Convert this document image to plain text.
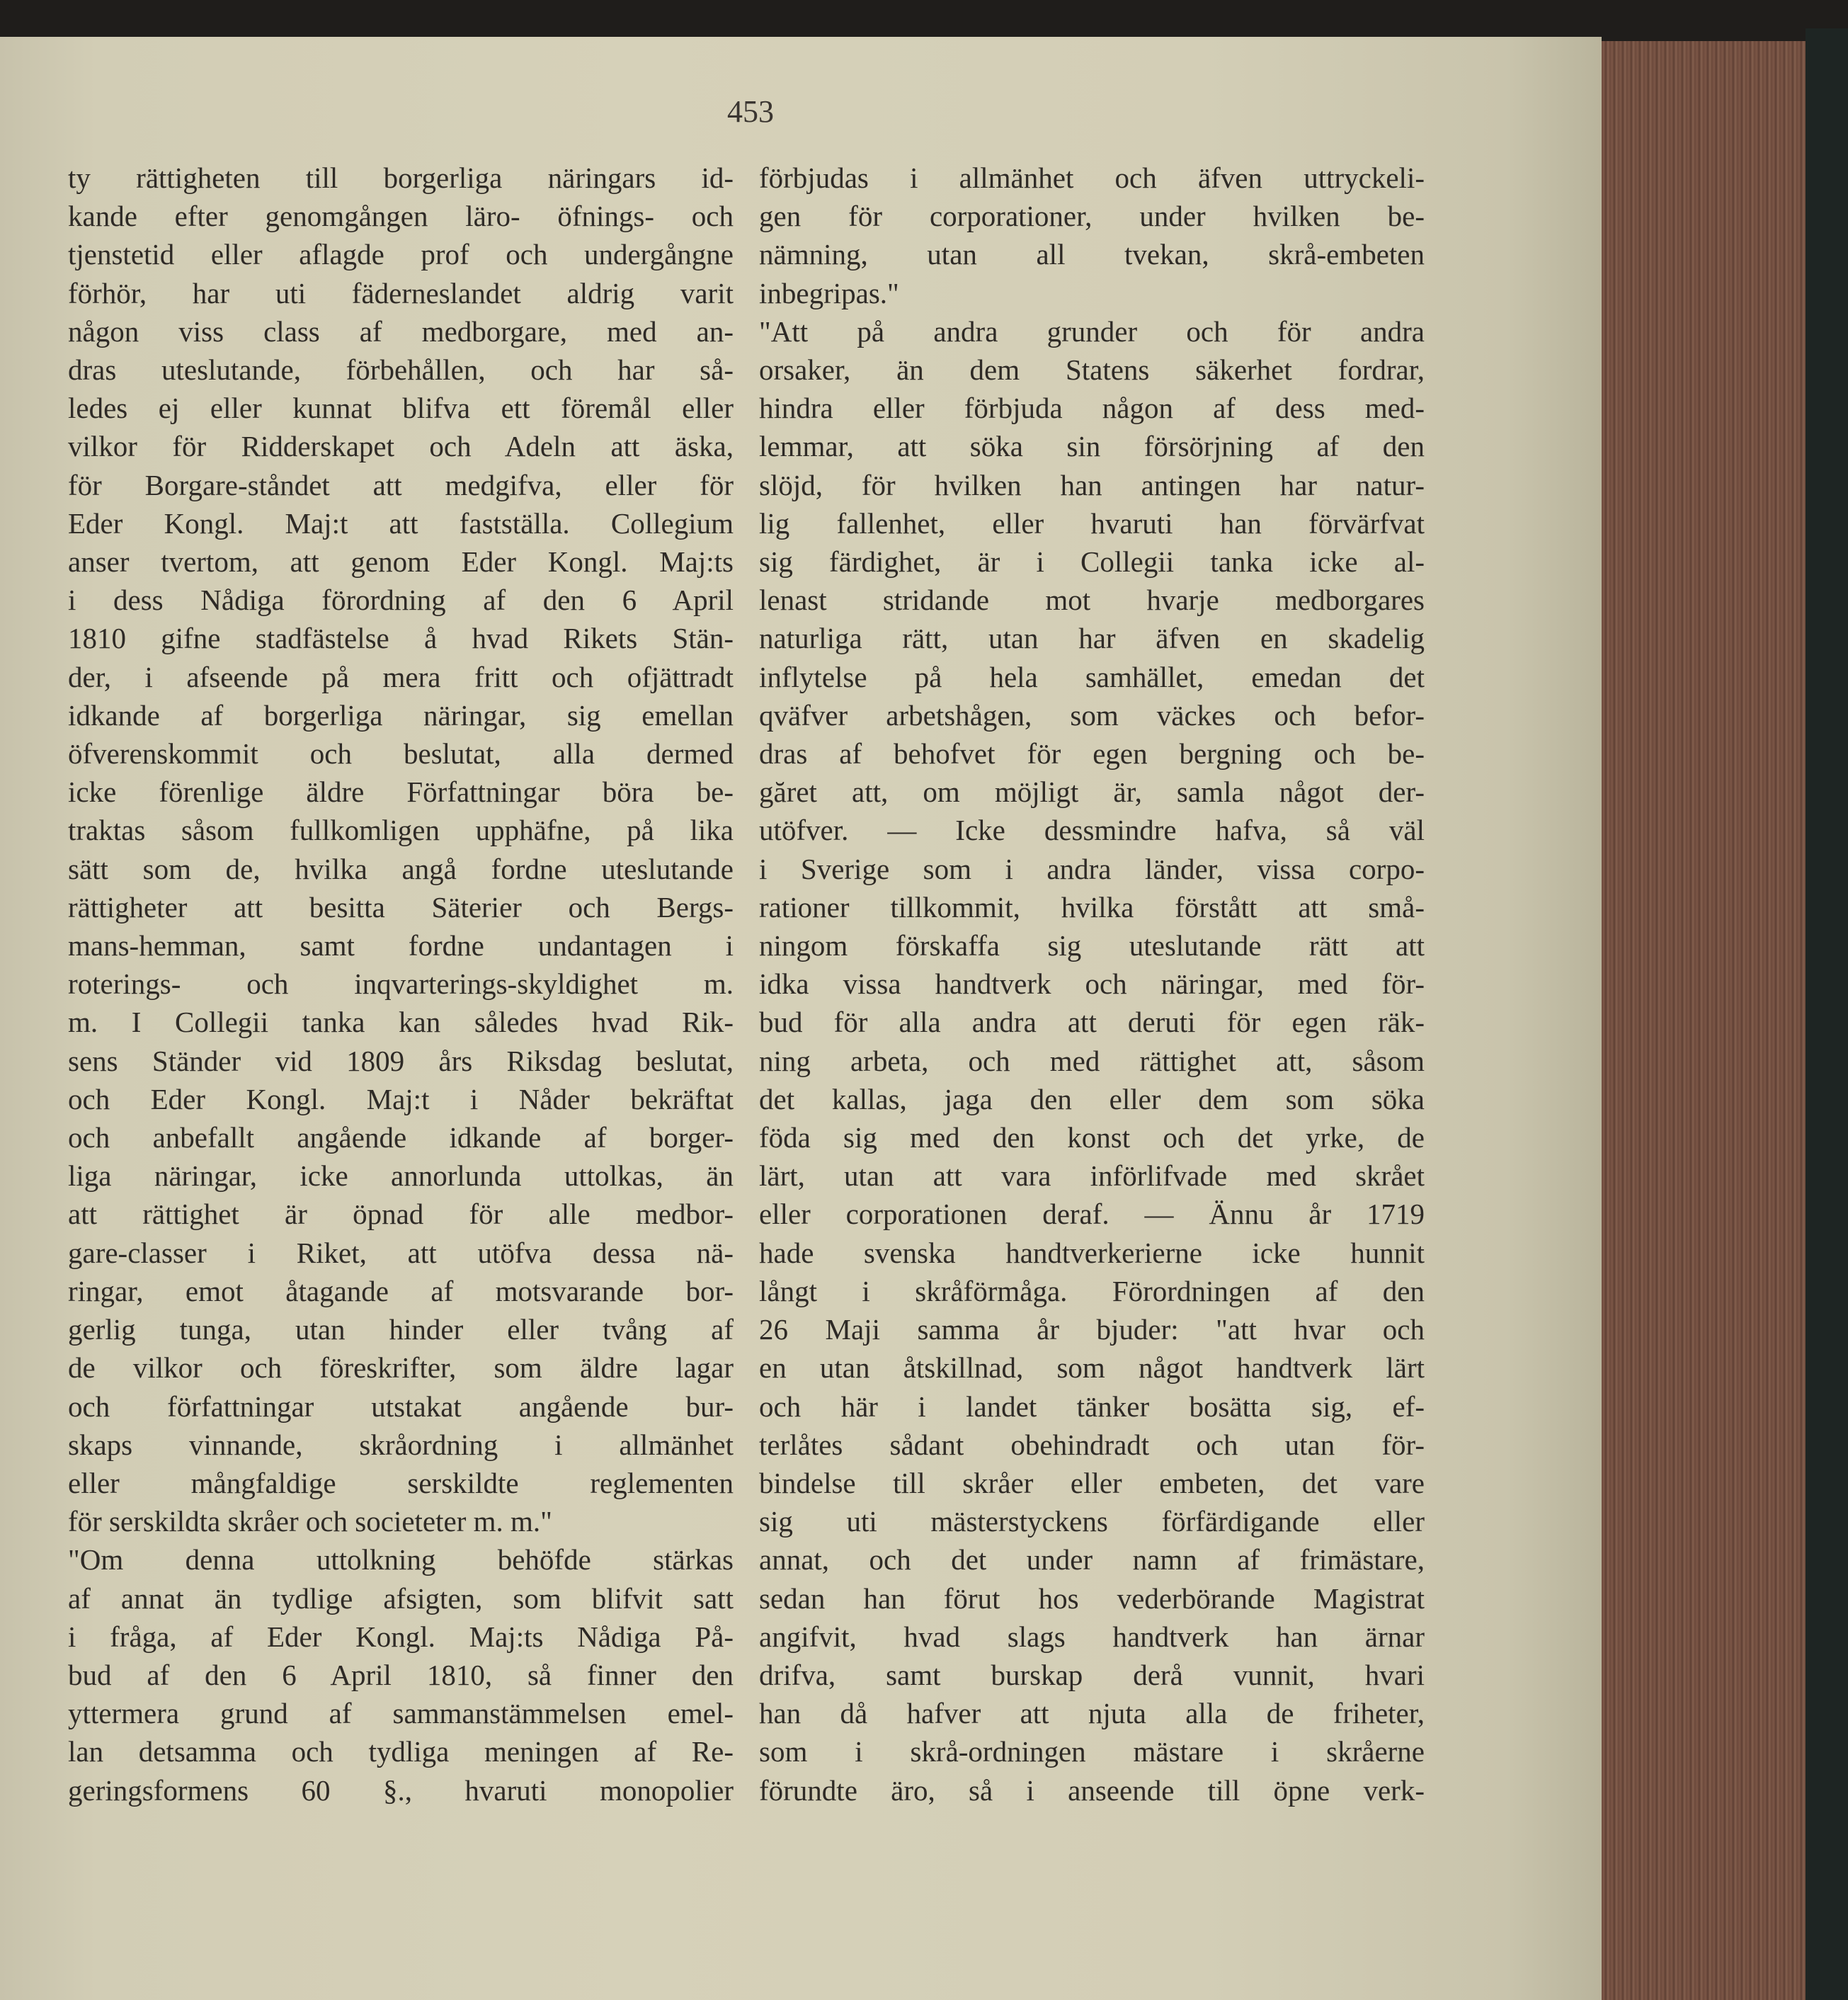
453
ty rättigheten till borgerliga näringars id-
kande efter genomgången läro- öfnings- och
tjenstetid eller aflagde prof och undergångne
förhör, har uti fäderneslandet aldrig varit
någon viss class af medborgare, med an-
dras uteslutande, förbehållen, och har så-
ledes ej eller kunnat blifva ett föremål eller
vilkor för Ridderskapet och Adeln att äska,
för Borgare-ståndet att medgifva, eller för
Eder Kongl. Maj:t att fastställa. Collegium
anser tvertom, att genom Eder Kongl. Maj:ts
i dess Nådiga förordning af den 6 April
1810 gifne stadfästelse å hvad Rikets Stän-
der, i afseende på mera fritt och ofjättradt
idkande af borgerliga näringar, sig emellan
öfverenskommit och beslutat, alla dermed
icke förenlige äldre Författningar böra be-
traktas såsom fullkomligen upphäfne, på lika
sätt som de, hvilka angå fordne uteslutande
rättigheter att besitta Säterier och Bergs-
mans-hemman, samt fordne undantagen i
roterings- och inqvarterings-skyldighet m.
m. I Collegii tanka kan således hvad Rik-
sens Ständer vid 1809 års Riksdag beslutat,
och Eder Kongl. Maj:t i Nåder bekräftat
och anbefallt angående idkande af borger-
liga näringar, icke annorlunda uttolkas, än
att rättighet är öpnad för alle medbor-
gare-classer i Riket, att utöfva dessa nä-
ringar, emot åtagande af motsvarande bor-
gerlig tunga, utan hinder eller tvång af
de vilkor och föreskrifter, som äldre lagar
och författningar utstakat angående bur-
skaps vinnande, skråordning i allmänhet
eller mångfaldige serskildte reglementen
för serskildta skråer och societeter m. m."
"Om denna uttolkning behöfde stärkas
af annat än tydlige afsigten, som blifvit satt
i fråga, af Eder Kongl. Maj:ts Nådiga På-
bud af den 6 April 1810, så finner den
yttermera grund af sammanstämmelsen emel-
lan detsamma och tydliga meningen af Re-
geringsformens 60 §., hvaruti monopolier
förbjudas i allmänhet och äfven uttryckeli-
gen för corporationer, under hvilken be-
nämning, utan all tvekan, skrå-embeten
inbegripas."
"Att på andra grunder och för andra
orsaker, än dem Statens säkerhet fordrar,
hindra eller förbjuda någon af dess med-
lemmar, att söka sin försörjning af den
slöjd, för hvilken han antingen har natur-
lig fallenhet, eller hvaruti han förvärfvat
sig färdighet, är i Collegii tanka icke al-
lenast stridande mot hvarje medborgares
naturliga rätt, utan har äfven en skadelig
inflytelse på hela samhället, emedan det
qväfver arbetshågen, som väckes och befor-
dras af behofvet för egen bergning och be-
găret att, om möjligt är, samla något der-
utöfver. — Icke dessmindre hafva, så väl
i Sverige som i andra länder, vissa corpo-
rationer tillkommit, hvilka förstått att små-
ningom förskaffa sig uteslutande rätt att
idka vissa handtverk och näringar, med för-
bud för alla andra att deruti för egen räk-
ning arbeta, och med rättighet att, såsom
det kallas, jaga den eller dem som söka
föda sig med den konst och det yrke, de
lärt, utan att vara införlifvade med skrået
eller corporationen deraf. — Ännu år 1719
hade svenska handtverkerierne icke hunnit
långt i skråförmåga. Förordningen af den
26 Maji samma år bjuder: "att hvar och
en utan åtskillnad, som något handtverk lärt
och här i landet tänker bosätta sig, ef-
terlåtes sådant obehindradt och utan för-
bindelse till skråer eller embeten, det vare
sig uti mästerstyckens förfärdigande eller
annat, och det under namn af frimästare,
sedan han förut hos vederbörande Magistrat
angifvit, hvad slags handtverk han ärnar
drifva, samt burskap derå vunnit, hvari
han då hafver att njuta alla de friheter,
som i skrå-ordningen mästare i skråerne
förundte äro, så i anseende till öpne verk-
